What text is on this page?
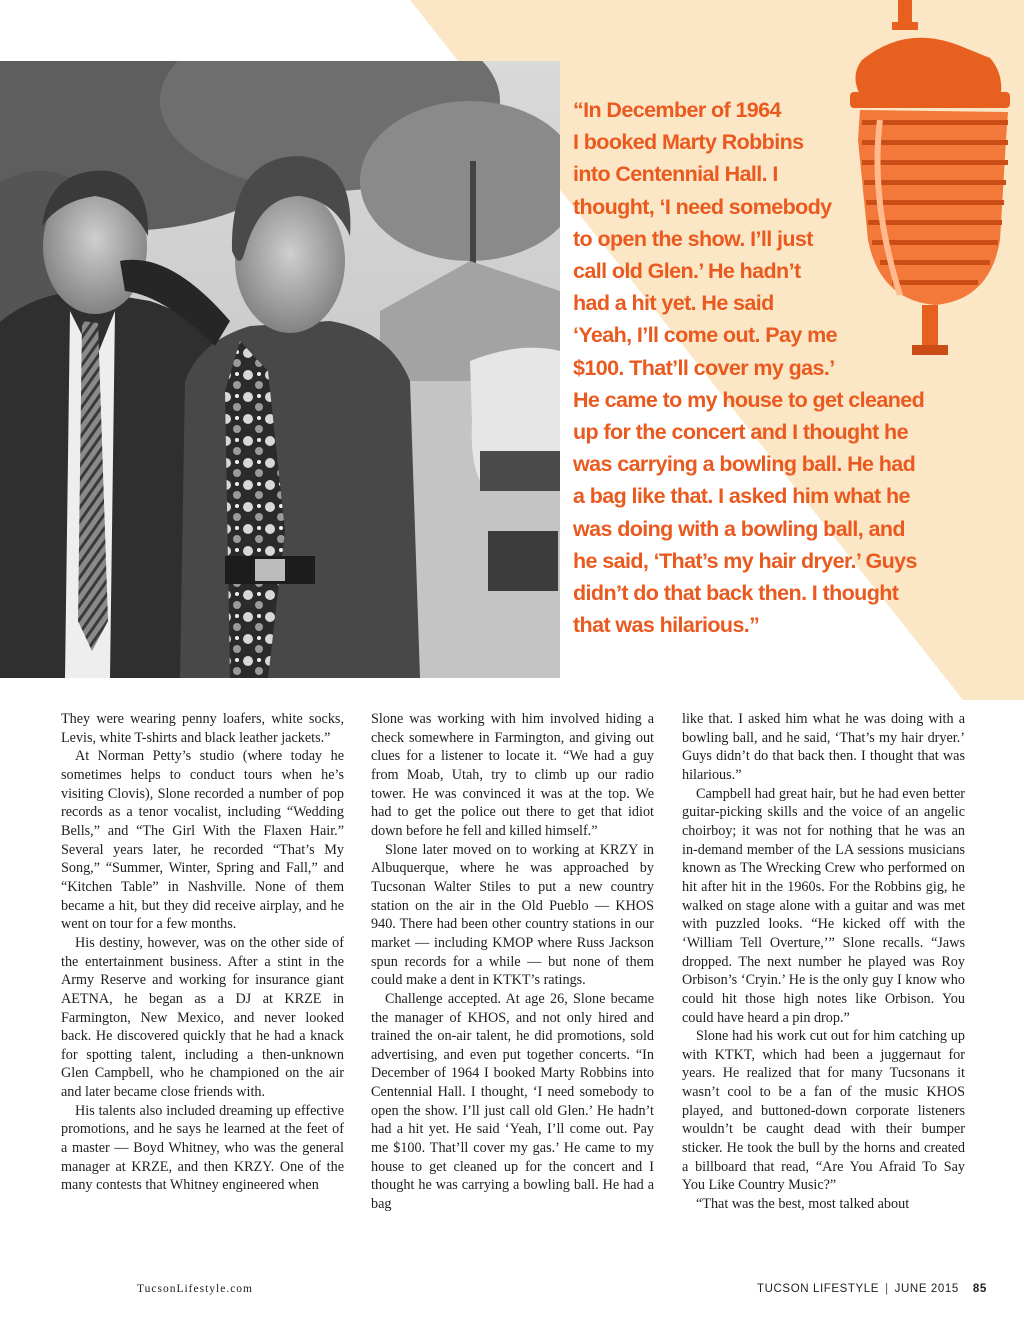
“In December of 1964
I booked Marty Robbins
into Centennial Hall. I
thought, ‘I need somebody
to open the show. I’ll just
call old Glen.’ He hadn’t
had a hit yet. He said
‘Yeah, I’ll come out. Pay me
$100. That’ll cover my gas.’
He came to my house to get cleaned
up for the concert and I thought he
was carrying a bowling ball. He had
a bag like that. I asked him what he
was doing with a bowling ball, and
he said, ‘That’s my hair dryer.’ Guys
didn’t do that back then. I thought
that was hilarious.”

They were wearing penny loafers, white socks, Levis, white T-shirts and black leather jackets.”

At Norman Petty’s studio (where today he sometimes helps to conduct tours when he’s visiting Clovis), Slone recorded a number of pop records as a tenor vocalist, including “Wedding Bells,” and “The Girl With the Flaxen Hair.” Several years later, he recorded “That’s My Song,” “Summer, Winter, Spring and Fall,” and “Kitchen Table” in Nashville. None of them became a hit, but they did receive airplay, and he went on tour for a few months.

His destiny, however, was on the other side of the entertainment business. After a stint in the Army Reserve and working for insurance giant AETNA, he began as a DJ at KRZE in Farmington, New Mexico, and never looked back. He discovered quickly that he had a knack for spotting talent, including a then-unknown Glen Campbell, who he championed on the air and later became close friends with.

His talents also included dreaming up effective promotions, and he says he learned at the feet of a master — Boyd Whitney, who was the general manager at KRZE, and then KRZY. One of the many contests that Whitney engineered when

Slone was working with him involved hiding a check somewhere in Farmington, and giving out clues for a listener to locate it. “We had a guy from Moab, Utah, try to climb up our radio tower. He was convinced it was at the top. We had to get the police out there to get that idiot down before he fell and killed himself.”

Slone later moved on to working at KRZY in Albuquerque, where he was approached by Tucsonan Walter Stiles to put a new country station on the air in the Old Pueblo — KHOS 940. There had been other country stations in our market — including KMOP where Russ Jackson spun records for a while — but none of them could make a dent in KTKT’s ratings.

Challenge accepted. At age 26, Slone became the manager of KHOS, and not only hired and trained the on-air talent, he did promotions, sold advertising, and even put together concerts. “In December of 1964 I booked Marty Robbins into Centennial Hall. I thought, ‘I need somebody to open the show. I’ll just call old Glen.’ He hadn’t had a hit yet. He said ‘Yeah, I’ll come out. Pay me $100. That’ll cover my gas.’ He came to my house to get cleaned up for the concert and I thought he was carrying a bowling ball. He had a bag

like that. I asked him what he was doing with a bowling ball, and he said, ‘That’s my hair dryer.’ Guys didn’t do that back then. I thought that was hilarious.”

Campbell had great hair, but he had even better guitar-picking skills and the voice of an angelic choirboy; it was not for nothing that he was an in-demand member of the LA sessions musicians known as The Wrecking Crew who performed on hit after hit in the 1960s. For the Robbins gig, he walked on stage alone with a guitar and was met with puzzled looks. “He kicked off with the ‘William Tell Overture,’” Slone recalls. “Jaws dropped. The next number he played was Roy Orbison’s ‘Cryin.’ He is the only guy I know who could hit those high notes like Orbison. You could have heard a pin drop.”

Slone had his work cut out for him catching up with KTKT, which had been a juggernaut for years. He realized that for many Tucsonans it wasn’t cool to be a fan of the music KHOS played, and buttoned-down corporate listeners wouldn’t be caught dead with their bumper sticker. He took the bull by the horns and created a billboard that read, “Are You Afraid To Say You Like Country Music?”

“That was the best, most talked about

TucsonLifestyle.com	TUCSON LIFESTYLE | JUNE 2015 85
